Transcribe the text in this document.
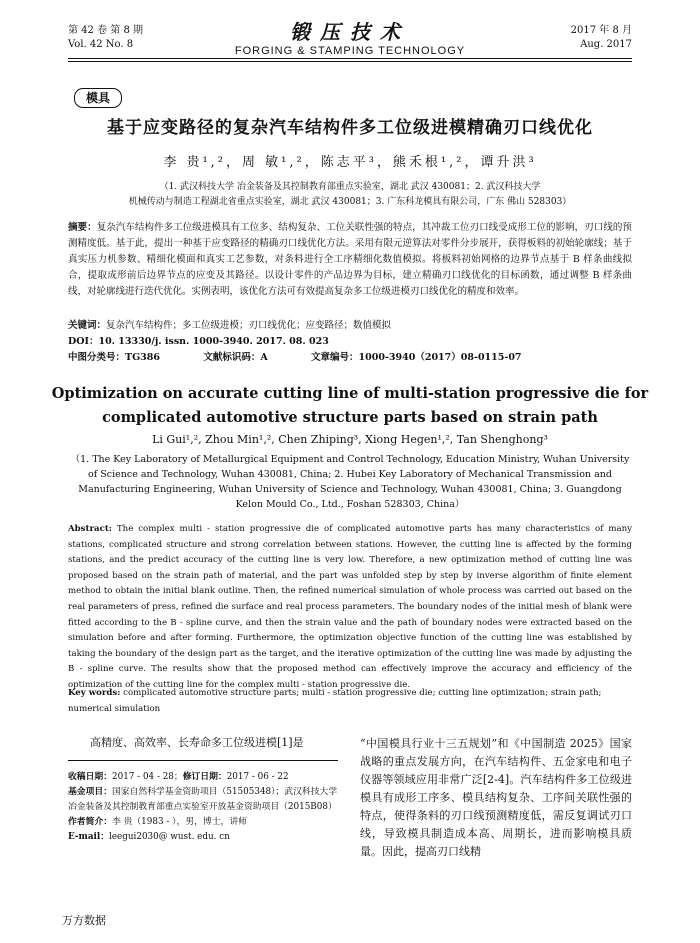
第 42 卷 第 8 期
Vol. 42 No. 8
锻压技术
FORGING & STAMPING TECHNOLOGY
2017 年 8 月
Aug. 2017
模具
基于应变路径的复杂汽车结构件多工位级进模精确刃口线优化
李 贵¹,²，周 敏¹,²，陈志平³，熊禾根¹,²，谭升洪³
（1. 武汉科技大学 冶金装备及其控制教育部重点实验室，湖北 武汉 430081；2. 武汉科技大学
机械传动与制造工程湖北省重点实验室，湖北 武汉 430081；3. 广东科龙模具有限公司，广东 佛山 528303）
摘要：复杂汽车结构件多工位级进模具有工位多、结构复杂、工位关联性强的特点，其冲裁工位刃口线受成形工位的影响，刃口线的预测精度低。基于此，提出一种基于应变路径的精确刃口线优化方法。采用有限元逆算法对零件分步展开，获得板料的初始轮廓线；基于真实压力机参数、精细化模面和真实工艺参数，对条料进行全工序精细化数值模拟。将板料初始网格的边界节点基于 B 样条曲线拟合，提取成形前后边界节点的应变及其路径。以设计零件的产品边界为目标，建立精确刃口线优化的目标函数，通过调整 B 样条曲线，对轮廓线进行迭代优化。实例表明，该优化方法可有效提高复杂多工位级进模刃口线优化的精度和效率。
关键词：复杂汽车结构件；多工位级进模；刃口线优化；应变路径；数值模拟
DOI：10. 13330/j. issn. 1000-3940. 2017. 08. 023
中图分类号：TG386	文献标识码：A	文章编号：1000-3940（2017）08-0115-07
Optimization on accurate cutting line of multi-station progressive die for complicated automotive structure parts based on strain path
Li Gui¹,², Zhou Min¹,², Chen Zhiping³, Xiong Hegen¹,², Tan Shenghong³
（1. The Key Laboratory of Metallurgical Equipment and Control Technology, Education Ministry, Wuhan University of Science and Technology, Wuhan 430081, China; 2. Hubei Key Laboratory of Mechanical Transmission and Manufacturing Engineering, Wuhan University of Science and Technology, Wuhan 430081, China; 3. Guangdong Kelon Mould Co., Ltd., Foshan 528303, China）
Abstract: The complex multi - station progressive die of complicated automotive parts has many characteristics of many stations, complicated structure and strong correlation between stations. However, the cutting line is affected by the forming stations, and the predict accuracy of the cutting line is very low. Therefore, a new optimization method of cutting line was proposed based on the strain path of material, and the part was unfolded step by step by inverse algorithm of finite element method to obtain the initial blank outline. Then, the refined numerical simulation of whole process was carried out based on the real parameters of press, refined die surface and real process parameters. The boundary nodes of the initial mesh of blank were fitted according to the B - spline curve, and then the strain value and the path of boundary nodes were extracted based on the simulation before and after forming. Furthermore, the optimization objective function of the cutting line was established by taking the boundary of the design part as the target, and the iterative optimization of the cutting line was made by adjusting the B - spline curve. The results show that the proposed method can effectively improve the accuracy and efficiency of the optimization of the cutting line for the complex multi - station progressive die.
Key words: complicated automotive structure parts; multi - station progressive die; cutting line optimization; strain path; numerical simulation
高精度、高效率、长寿命多工位级进模[1]是
收稿日期：2017 - 04 - 28；修订日期：2017 - 06 - 22
基金项目：国家自然科学基金资助项目（51505348）；武汉科技大学冶金装备及其控制教育部重点实验室开放基金资助项目（2015B08）
作者简介：李 贵（1983 - ），男，博士，讲师
E-mail：leegui2030@ wust. edu. cn
“中国模具行业十三五规划”和《中国制造 2025》国家战略的重点发展方向，在汽车结构件、五金家电和电子仪器等领域应用非常广泛[2-4]。汽车结构件多工位级进模具有成形工序多、模具结构复杂、工序间关联性强的特点，使得条料的刃口线预测精度低，需反复调试刃口线，导致模具制造成本高、周期长，进而影响模具质量。因此，提高刃口线精
万方数据
